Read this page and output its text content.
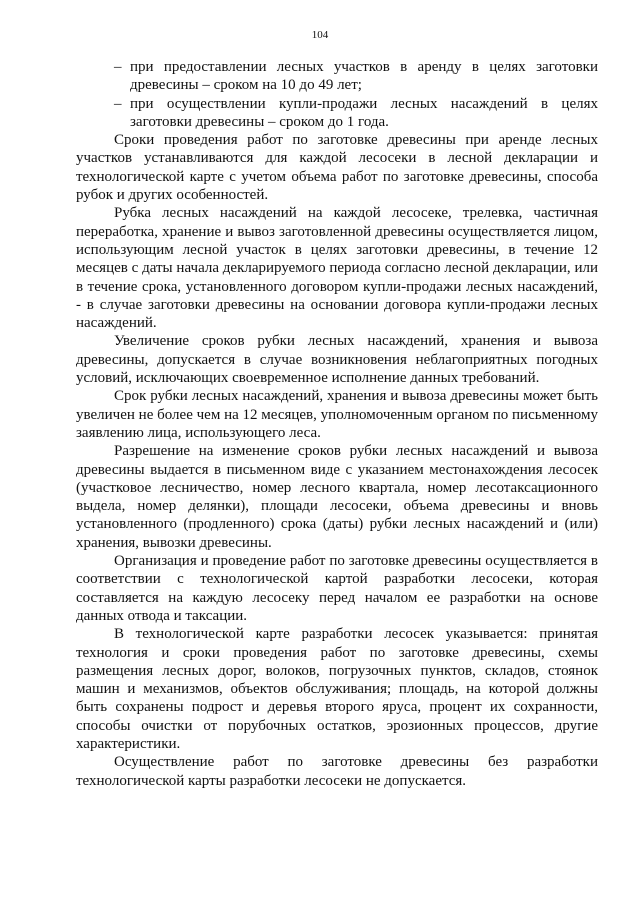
104

– при предоставлении лесных участков в аренду в целях заготовки древесины – сроком на 10 до 49 лет;

– при осуществлении купли-продажи лесных насаждений в целях заготовки древесины – сроком до 1 года.

Сроки проведения работ по заготовке древесины при аренде лесных участков устанавливаются для каждой лесосеки в лесной декларации и технологической карте с учетом объема работ по заготовке древесины, способа рубок и других особенностей.

Рубка лесных насаждений на каждой лесосеке, трелевка, частичная переработка, хранение и вывоз заготовленной древесины осуществляется лицом, использующим лесной участок в целях заготовки древесины, в течение 12 месяцев с даты начала декларируемого периода согласно лесной декларации, или в течение срока, установленного договором купли-продажи лесных насаждений, - в случае заготовки древесины на основании договора купли-продажи лесных насаждений.

Увеличение сроков рубки лесных насаждений, хранения и вывоза древесины, допускается в случае возникновения неблагоприятных погодных условий, исключающих своевременное исполнение данных требований.

Срок рубки лесных насаждений, хранения и вывоза древесины может быть увеличен не более чем на 12 месяцев, уполномоченным органом по письменному заявлению лица, использующего леса.

Разрешение на изменение сроков рубки лесных насаждений и вывоза древесины выдается в письменном виде с указанием местонахождения лесосек (участковое лесничество, номер лесного квартала, номер лесотаксационного выдела, номер делянки), площади лесосеки, объема древесины и вновь установленного (продленного) срока (даты) рубки лесных насаждений и (или) хранения, вывозки древесины.

Организация и проведение работ по заготовке древесины осуществляется в соответствии с технологической картой разработки лесосеки, которая составляется на каждую лесосеку перед началом ее разработки на основе данных отвода и таксации.

В технологической карте разработки лесосек указывается: принятая технология и сроки проведения работ по заготовке древесины, схемы размещения лесных дорог, волоков, погрузочных пунктов, складов, стоянок машин и механизмов, объектов обслуживания; площадь, на которой должны быть сохранены подрост и деревья второго яруса, процент их сохранности, способы очистки от порубочных остатков, эрозионных процессов, другие характеристики.

Осуществление работ по заготовке древесины без разработки технологической карты разработки лесосеки не допускается.
